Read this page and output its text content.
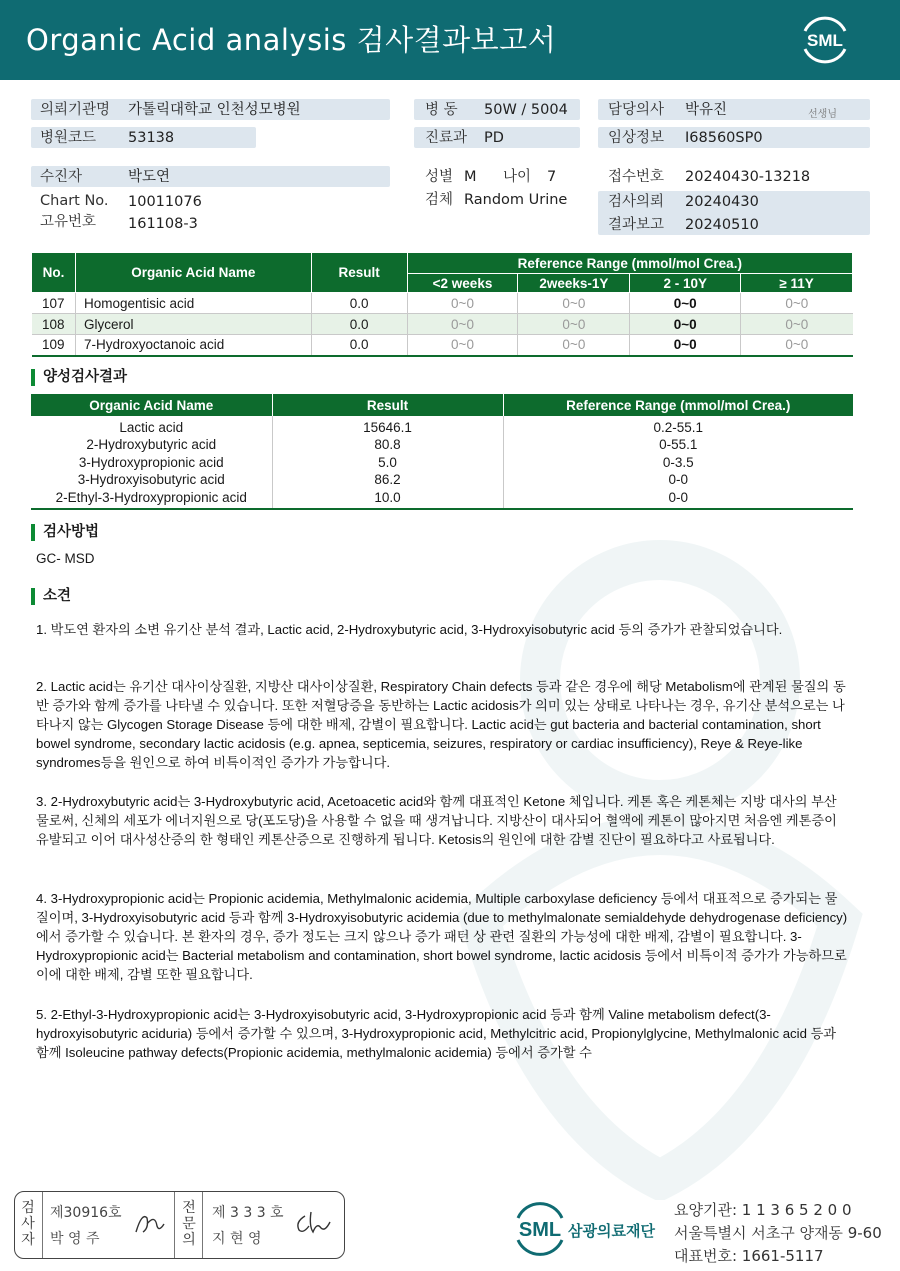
Organic Acid analysis 검사결과보고서	SML
의뢰기관명 가톨릭대학교 인천성모병원
병원코드 53138
병 동 50W / 5004
진료과 PD
담당의사 박유진	선생님
임상정보 I68560SP0
수진자	박도연
Chart No. 10011076
고유번호 161108-3
성별 M 나이 7
검체 Random Urine
접수번호 20240430-13218
검사의뢰 20240430
결과보고 20240510
No.	Organic Acid Name	Result	Reference Range (mmol/mol Crea.)			
			<2 weeks	2weeks-1Y	2 - 10Y	≥ 11Y
107	Homogentisic acid	0.0	0~0	0~0	0~0	0~0
108	Glycerol	0.0	0~0	0~0	0~0	0~0
109	7-Hydroxyoctanoic acid	0.0	0~0	0~0	0~0	0~0
양성검사결과
Organic Acid Name	Result	Reference Range (mmol/mol Crea.)
Lactic acid	15646.1	0.2-55.1
2-Hydroxybutyric acid	80.8	0-55.1
3-Hydroxypropionic acid	5.0	0-3.5
3-Hydroxyisobutyric acid	86.2	0-0
2-Ethyl-3-Hydroxypropionic acid	10.0	0-0
검사방법
GC- MSD
소견
1. 박도연 환자의 소변 유기산 분석 결과, Lactic acid, 2-Hydroxybutyric acid, 3-Hydroxyisobutyric acid 등의 증가가 관찰되었습니다.
2. Lactic acid는 유기산 대사이상질환, 지방산 대사이상질환, Respiratory Chain defects 등과 같은 경우에 해당 Metabolism에 관계된 물질의 동반 증가와 함께 증가를 나타낼 수 있습니다. 또한 저혈당증을 동반하는 Lactic acidosis가 의미 있는 상태로 나타나는 경우, 유기산 분석으로는 나타나지 않는 Glycogen Storage Disease 등에 대한 배제, 감별이 필요합니다. Lactic acid는 gut bacteria and bacterial contamination, short bowel syndrome, secondary lactic acidosis (e.g. apnea, septicemia, seizures, respiratory or cardiac insufficiency), Reye & Reye-like syndromes등을 원인으로 하여 비특이적인 증가가 가능합니다.
3. 2-Hydroxybutyric acid는 3-Hydroxybutyric acid, Acetoacetic acid와 함께 대표적인 Ketone 체입니다. 케톤 혹은 케톤체는 지방 대사의 부산물로써, 신체의 세포가 에너지원으로 당(포도당)을 사용할 수 없을 때 생겨납니다. 지방산이 대사되어 혈액에 케톤이 많아지면 처음엔 케톤증이 유발되고 이어 대사성산증의 한 형태인 케톤산증으로 진행하게 됩니다. Ketosis의 원인에 대한 감별 진단이 필요하다고 사료됩니다.
4. 3-Hydroxypropionic acid는 Propionic acidemia, Methylmalonic acidemia, Multiple carboxylase deficiency 등에서 대표적으로 증가되는 물질이며, 3-Hydroxyisobutyric acid 등과 함께 3-Hydroxyisobutyric acidemia (due to methylmalonate semialdehyde dehydrogenase deficiency)에서 증가할 수 있습니다. 본 환자의 경우, 증가 정도는 크지 않으나 증가 패턴 상 관련 질환의 가능성에 대한 배제, 감별이 필요합니다. 3-Hydroxypropionic acid는 Bacterial metabolism and contamination, short bowel syndrome, lactic acidosis 등에서 비특이적 증가가 가능하므로 이에 대한 배제, 감별 또한 필요합니다.
5. 2-Ethyl-3-Hydroxypropionic acid는 3-Hydroxyisobutyric acid, 3-Hydroxypropionic acid 등과 함께 Valine metabolism defect(3-hydroxyisobutyric aciduria) 등에서 증가할 수 있으며, 3-Hydroxypropionic acid, Methylcitric acid, Propionylglycine, Methylmalonic acid 등과 함께 Isoleucine pathway defects(Propionic acidemia, methylmalonic acidemia) 등에서 증가할 수
검사자
제30916호
박 영 주
전문의
제 3 3 3 호
지 현 영	SML 삼광의료재단
요양기관: 1 1 3 6 5 2 0 0
서울특별시 서초구 양재동 9-60
대표번호: 1661-5117
